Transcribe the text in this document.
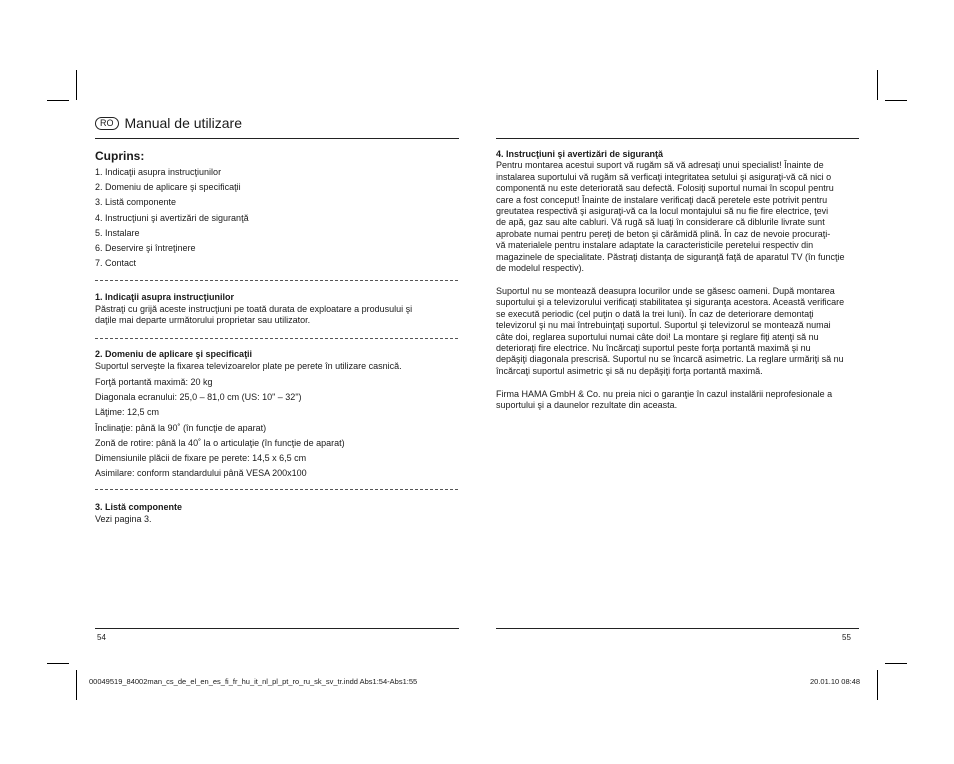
RO Manual de utilizare
Cuprins:
1. Indicaţii asupra instrucţiunilor
2. Domeniu de aplicare şi specificaţii
3. Listă componente
4. Instrucţiuni şi avertizări de siguranţă
5. Instalare
6. Deservire şi întreţinere
7. Contact
1. Indicaţii asupra instrucţiunilor
Păstraţi cu grijă aceste instrucţiuni pe toată durata de exploatare a produsului şi
daţile mai departe următorului proprietar sau utilizator.
2. Domeniu de aplicare şi specificaţii
Suportul serveşte la fixarea televizoarelor plate pe perete în utilizare casnică.
Forţă portantă maximă: 20 kg
Diagonala ecranului: 25,0 – 81,0 cm (US: 10" – 32")
Lăţime: 12,5 cm
Înclinaţie: până la 90˚ (în funcţie de aparat)
Zonă de rotire: până la 40˚ la o articulaţie (în funcţie de aparat)
Dimensiunile plăcii de fixare pe perete: 14,5 x 6,5 cm
Asimilare: conform standardului până VESA 200x100
3. Listă componente
Vezi pagina 3.
4. Instrucţiuni şi avertizări de siguranţă
Pentru montarea acestui suport vă rugăm să vă adresaţi unui specialist! Înainte de
instalarea suportului vă rugăm să verficaţi integritatea setului şi asiguraţi-vă că nici o
componentă nu este deteriorată sau defectă. Folosiţi suportul numai în scopul pentru
care a fost conceput! Înainte de instalare verificaţi dacă peretele este potrivit pentru
greutatea respectivă şi asiguraţi-vă ca la locul montajului să nu fie fire electrice, ţevi
de apă, gaz sau alte cabluri. Vă rugă să luaţi în considerare că diblurile livrate sunt
aprobate numai pentru pereţi de beton şi cărămidă plină. În caz de nevoie procuraţi-
vă materialele pentru instalare adaptate la caracteristicile peretelui respectiv din
magazinele de specialitate. Păstraţi distanţa de siguranţă faţă de aparatul TV (în funcţie
de modelul respectiv).
Suportul nu se montează deasupra locurilor unde se găsesc oameni. După montarea
suportului şi a televizorului verificaţi stabilitatea şi siguranţa acestora. Această verificare
se execută periodic (cel puţin o dată la trei luni). În caz de deteriorare demontaţi
televizorul şi nu mai întrebuinţaţi suportul. Suportul şi televizorul se montează numai
câte doi, reglarea suportului numai câte doi! La montare şi reglare fiţi atenţi să nu
deterioraţi fire electrice. Nu încărcaţi suportul peste forţa portantă maximă şi nu
depăşiţi diagonala prescrisă. Suportul nu se încarcă asimetric. La reglare urmăriţi să nu
încărcaţi suportul asimetric şi să nu depăşiţi forţa portantă maximă.
Firma HAMA GmbH & Co. nu preia nici o garanţie în cazul instalării neprofesionale a
suportului şi a daunelor rezultate din aceasta.
54	55
00049519_84002man_cs_de_el_en_es_fi_fr_hu_it_nl_pl_pt_ro_ru_sk_sv_tr.indd Abs1:54-Abs1:55	20.01.10 08:48
